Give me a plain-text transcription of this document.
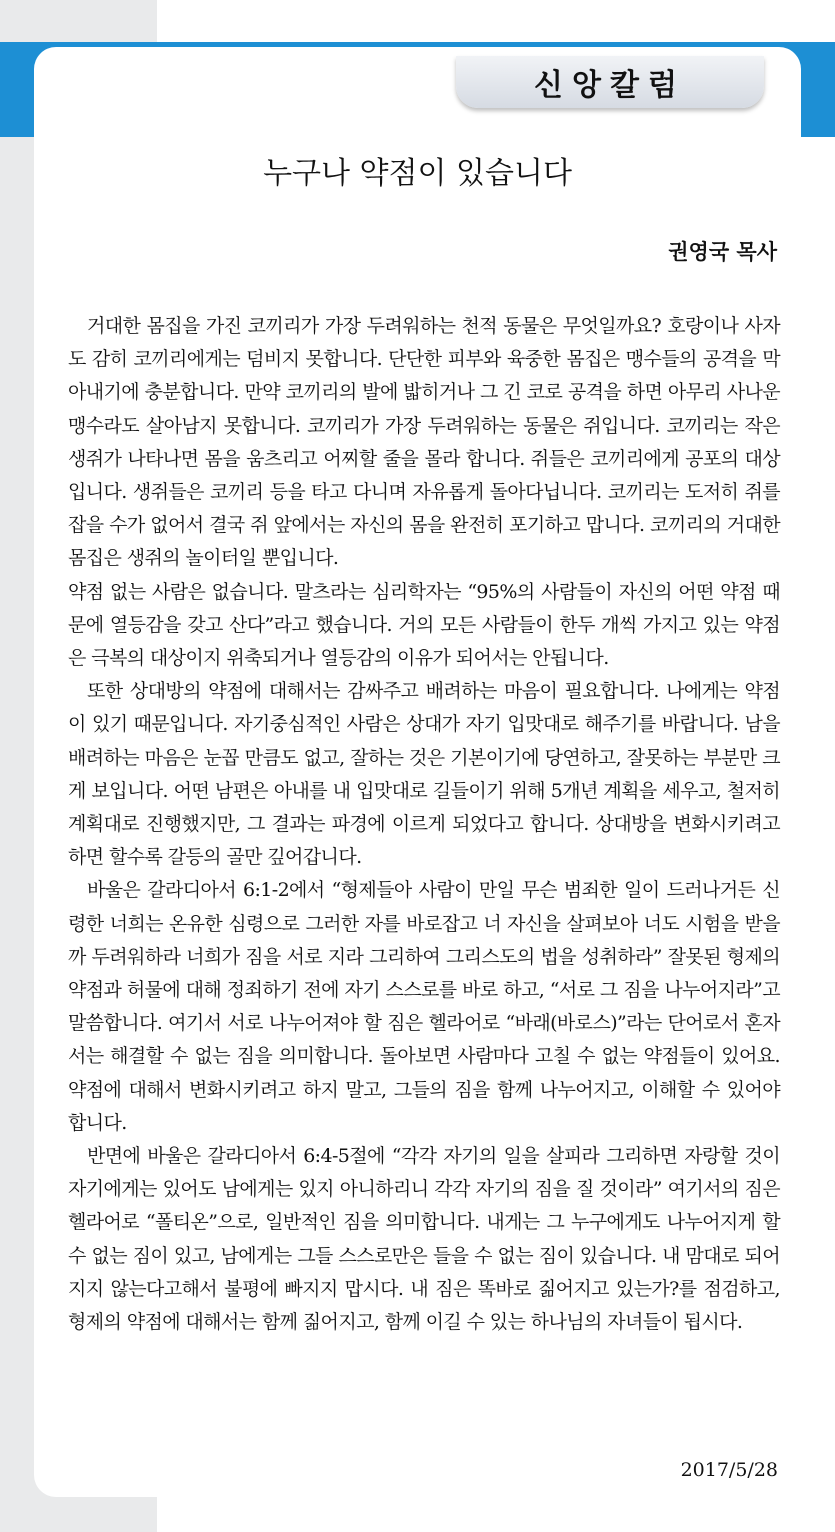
신앙칼럼
누구나 약점이 있습니다
권영국 목사

거대한 몸집을 가진 코끼리가 가장 두려워하는 천적 동물은 무엇일까요? 호랑이나 사자도 감히 코끼리에게는 덤비지 못합니다. 단단한 피부와 육중한 몸집은 맹수들의 공격을 막아내기에 충분합니다. 만약 코끼리의 발에 밟히거나 그 긴 코로 공격을 하면 아무리 사나운 맹수라도 살아남지 못합니다. 코끼리가 가장 두려워하는 동물은 쥐입니다. 코끼리는 작은 생쥐가 나타나면 몸을 움츠리고 어찌할 줄을 몰라 합니다. 쥐들은 코끼리에게 공포의 대상입니다. 생쥐들은 코끼리 등을 타고 다니며 자유롭게 돌아다닙니다. 코끼리는 도저히 쥐를 잡을 수가 없어서 결국 쥐 앞에서는 자신의 몸을 완전히 포기하고 맙니다. 코끼리의 거대한 몸집은 생쥐의 놀이터일 뿐입니다.

약점 없는 사람은 없습니다. 말츠라는 심리학자는 “95%의 사람들이 자신의 어떤 약점 때문에 열등감을 갖고 산다”라고 했습니다. 거의 모든 사람들이 한두 개씩 가지고 있는 약점은 극복의 대상이지 위축되거나 열등감의 이유가 되어서는 안됩니다.

또한 상대방의 약점에 대해서는 감싸주고 배려하는 마음이 필요합니다. 나에게는 약점이 있기 때문입니다. 자기중심적인 사람은 상대가 자기 입맛대로 해주기를 바랍니다. 남을 배려하는 마음은 눈꼽 만큼도 없고, 잘하는 것은 기본이기에 당연하고, 잘못하는 부분만 크게 보입니다. 어떤 남편은 아내를 내 입맛대로 길들이기 위해 5개년 계획을 세우고, 철저히 계획대로 진행했지만, 그 결과는 파경에 이르게 되었다고 합니다. 상대방을 변화시키려고 하면 할수록 갈등의 골만 깊어갑니다.

바울은 갈라디아서 6:1-2에서 “형제들아 사람이 만일 무슨 범죄한 일이 드러나거든 신령한 너희는 온유한 심령으로 그러한 자를 바로잡고 너 자신을 살펴보아 너도 시험을 받을까 두려워하라 너희가 짐을 서로 지라 그리하여 그리스도의 법을 성취하라” 잘못된 형제의 약점과 허물에 대해 정죄하기 전에 자기 스스로를 바로 하고, “서로 그 짐을 나누어지라”고 말씀합니다. 여기서 서로 나누어져야 할 짐은 헬라어로 “바래(바로스)”라는 단어로서 혼자서는 해결할 수 없는 짐을 의미합니다. 돌아보면 사람마다 고칠 수 없는 약점들이 있어요. 약점에 대해서 변화시키려고 하지 말고, 그들의 짐을 함께 나누어지고, 이해할 수 있어야 합니다.

반면에 바울은 갈라디아서 6:4-5절에 “각각 자기의 일을 살피라 그리하면 자랑할 것이 자기에게는 있어도 남에게는 있지 아니하리니 각각 자기의 짐을 질 것이라” 여기서의 짐은 헬라어로 “폴티온”으로, 일반적인 짐을 의미합니다. 내게는 그 누구에게도 나누어지게 할 수 없는 짐이 있고, 남에게는 그들 스스로만은 들을 수 없는 짐이 있습니다. 내 맘대로 되어지지 않는다고해서 불평에 빠지지 맙시다. 내 짐은 똑바로 짊어지고 있는가?를 점검하고, 형제의 약점에 대해서는 함께 짊어지고, 함께 이길 수 있는 하나님의 자녀들이 됩시다.

2017/5/28
